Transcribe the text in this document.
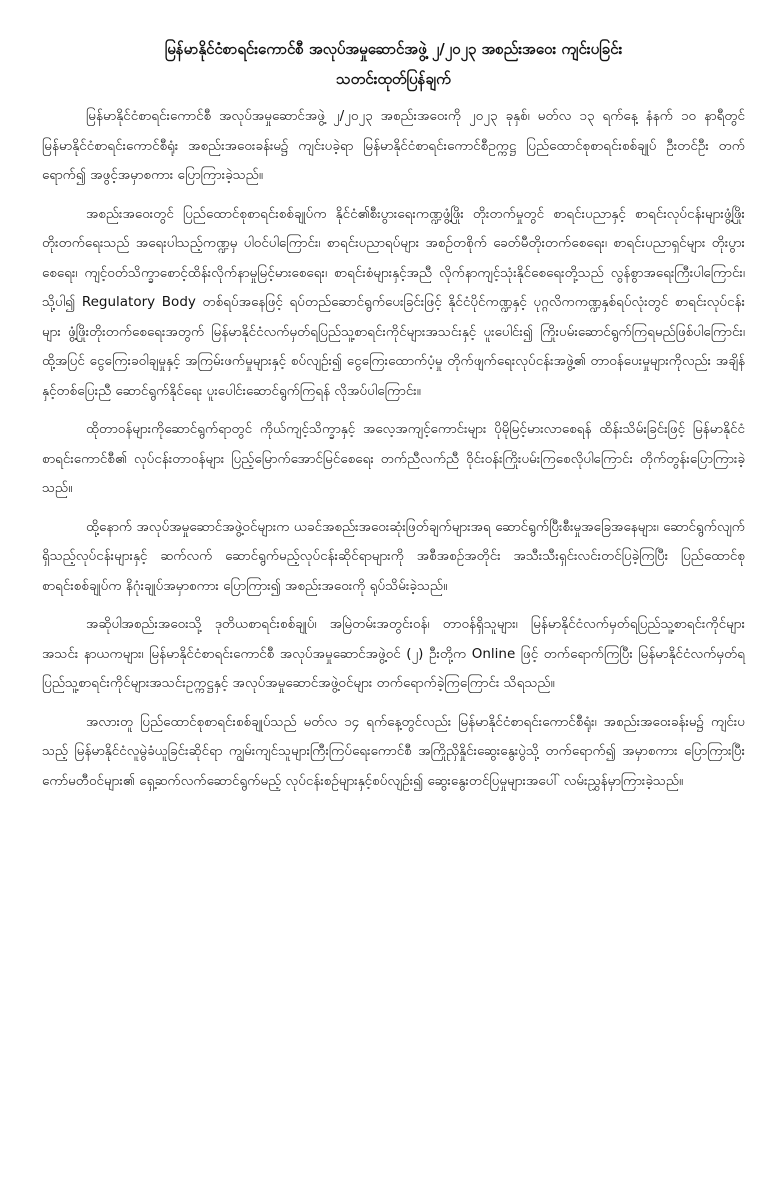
မြန်မာနိုင်ငံစာရင်းကောင်စီ အလုပ်အမှုဆောင်အဖွဲ့ ၂/၂၀၂၃ အစည်းအဝေး ကျင်းပခြင်း
သတင်းထုတ်ပြန်ချက်

မြန်မာနိုင်ငံစာရင်းကောင်စီ အလုပ်အမှုဆောင်အဖွဲ့ ၂/၂၀၂၃ အစည်းအဝေးကို ၂၀၂၃ ခုနှစ်၊ မတ်လ ၁၃ ရက်နေ့ နံနက် ၁၀ နာရီတွင် မြန်မာနိုင်ငံစာရင်းကောင်စီရုံး အစည်းအဝေးခန်းမ၌ ကျင်းပခဲ့ရာ မြန်မာနိုင်ငံစာရင်းကောင်စီဥက္ကဋ္ဌ ပြည်ထောင်စုစာရင်းစစ်ချုပ် ဦးတင်ဦး တက်ရောက်၍ အဖွင့်အမှာစကား ပြောကြားခဲ့သည်။

အစည်းအဝေးတွင် ပြည်ထောင်စုစာရင်းစစ်ချုပ်က နိုင်ငံ၏စီးပွားရေးကဏ္ဍဖွံ့ဖြိုး တိုးတက်မှုတွင် စာရင်းပညာနှင့် စာရင်းလုပ်ငန်းများဖွံ့ဖြိုးတိုးတက်ရေးသည် အရေးပါသည့်ကဏ္ဍမှ ပါဝင်ပါကြောင်း၊ စာရင်းပညာရပ်များ အစဉ်တစိုက် ခေတ်မီတိုးတက်စေရေး၊ စာရင်းပညာရှင်များ တိုးပွားစေရေး၊ ကျင့်ဝတ်သိက္ခာစောင့်ထိန်းလိုက်နာမှုမြင့်မားစေရေး၊ စာရင်းစံများနှင့်အညီ လိုက်နာကျင့်သုံးနိုင်စေရေးတို့သည် လွန်စွာအရေးကြီးပါကြောင်း၊ သို့ပါ၍ Regulatory Body တစ်ရပ်အနေဖြင့် ရပ်တည်ဆောင်ရွက်ပေးခြင်းဖြင့် နိုင်ငံပိုင်ကဏ္ဍနှင့် ပုဂ္ဂလိကကဏ္ဍနှစ်ရပ်လုံးတွင် စာရင်းလုပ်ငန်းများ ဖွံ့ဖြိုးတိုးတက်စေရေးအတွက် မြန်မာနိုင်ငံလက်မှတ်ရပြည်သူ့စာရင်းကိုင်များအသင်းနှင့် ပူးပေါင်း၍ ကြိုးပမ်းဆောင်ရွက်ကြရမည်ဖြစ်ပါကြောင်း၊ ထို့အပြင် ငွေကြေးခဝါချမှုနှင့် အကြမ်းဖက်မှုများနှင့် စပ်လျဉ်း၍ ငွေကြေးထောက်ပံ့မှု တိုက်ဖျက်ရေးလုပ်ငန်းအဖွဲ့၏ တာဝန်ပေးမှုများကိုလည်း အချိန်နှင့်တစ်ပြေးညီ ဆောင်ရွက်နိုင်ရေး ပူးပေါင်းဆောင်ရွက်ကြရန် လိုအပ်ပါကြောင်း။

ထိုတာဝန်များကိုဆောင်ရွက်ရာတွင် ကိုယ်ကျင့်သိက္ခာနှင့် အလေ့အကျင့်ကောင်းများ ပိုမိုမြင့်မားလာစေရန် ထိန်းသိမ်းခြင်းဖြင့် မြန်မာနိုင်ငံစာရင်းကောင်စီ၏ လုပ်ငန်းတာဝန်များ ပြည့်မြောက်အောင်မြင်စေရေး တက်ညီလက်ညီ ဝိုင်းဝန်းကြိုးပမ်းကြစေလိုပါကြောင်း တိုက်တွန်းပြောကြားခဲ့သည်။

ထို့နောက် အလုပ်အမှုဆောင်အဖွဲ့ဝင်များက ယခင်အစည်းအဝေးဆုံးဖြတ်ချက်များအရ ဆောင်ရွက်ပြီးစီးမှုအခြေအနေများ၊ ဆောင်ရွက်လျက်ရှိသည့်လုပ်ငန်းများနှင့် ဆက်လက် ဆောင်ရွက်မည့်လုပ်ငန်းဆိုင်ရာများကို အစီအစဉ်အတိုင်း အသီးသီးရှင်းလင်းတင်ပြခဲ့ကြပြီး ပြည်ထောင်စုစာရင်းစစ်ချုပ်က နိဂုံးချုပ်အမှာစကား ပြောကြား၍ အစည်းအဝေးကို ရုပ်သိမ်းခဲ့သည်။

အဆိုပါအစည်းအဝေးသို့ ဒုတိယစာရင်းစစ်ချုပ်၊ အမြဲတမ်းအတွင်းဝန်၊ တာဝန်ရှိသူများ၊ မြန်မာနိုင်ငံလက်မှတ်ရပြည်သူ့စာရင်းကိုင်များအသင်း နာယကများ၊ မြန်မာနိုင်ငံစာရင်းကောင်စီ အလုပ်အမှုဆောင်အဖွဲ့ဝင် (၂) ဦးတို့က Online ဖြင့် တက်ရောက်ကြပြီး မြန်မာနိုင်ငံလက်မှတ်ရပြည်သူ့စာရင်းကိုင်များအသင်းဥက္ကဋ္ဌနှင့် အလုပ်အမှုဆောင်အဖွဲ့ဝင်များ တက်ရောက်ခဲ့ကြကြောင်း သိရသည်။

အလားတူ ပြည်ထောင်စုစာရင်းစစ်ချုပ်သည် မတ်လ ၁၄ ရက်နေ့တွင်လည်း မြန်မာနိုင်ငံစာရင်းကောင်စီရုံး၊ အစည်းအဝေးခန်းမ၌ ကျင်းပသည့် မြန်မာနိုင်ငံလူမွဲခံယူခြင်းဆိုင်ရာ ကျွမ်းကျင်သူများကြီးကြပ်ရေးကောင်စီ အကြိုညှိနှိုင်းဆွေးနွေးပွဲသို့ တက်ရောက်၍ အမှာစကား ပြောကြားပြီး ကော်မတီဝင်များ၏ ရှေ့ဆက်လက်ဆောင်ရွက်မည့် လုပ်ငန်းစဉ်များနှင့်စပ်လျဉ်း၍ ဆွေးနွေးတင်ပြမှုများအပေါ် လမ်းညွှန်မှာကြားခဲ့သည်။
